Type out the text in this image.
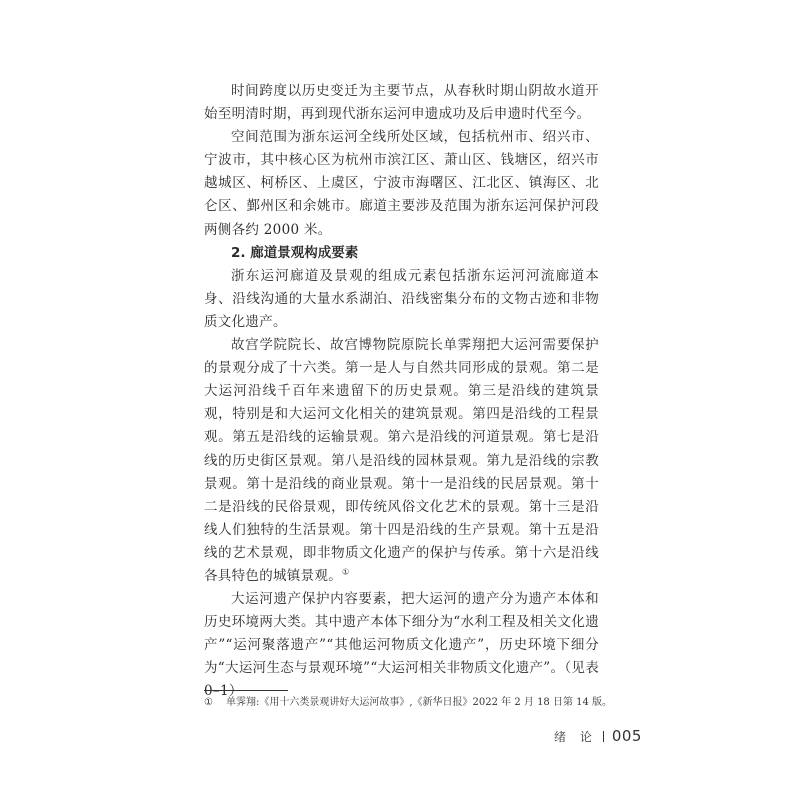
时间跨度以历史变迁为主要节点，从春秋时期山阴故水道开始至明清时期，再到现代浙东运河申遗成功及后申遗时代至今。

空间范围为浙东运河全线所处区域，包括杭州市、绍兴市、宁波市，其中核心区为杭州市滨江区、萧山区、钱塘区，绍兴市越城区、柯桥区、上虞区，宁波市海曙区、江北区、镇海区、北仑区、鄞州区和余姚市。廊道主要涉及范围为浙东运河保护河段两侧各约 2000 米。

2. 廊道景观构成要素

浙东运河廊道及景观的组成元素包括浙东运河河流廊道本身、沿线沟通的大量水系湖泊、沿线密集分布的文物古迹和非物质文化遗产。

故宫学院院长、故宫博物院原院长单霁翔把大运河需要保护的景观分成了十六类。第一是人与自然共同形成的景观。第二是大运河沿线千百年来遗留下的历史景观。第三是沿线的建筑景观，特别是和大运河文化相关的建筑景观。第四是沿线的工程景观。第五是沿线的运输景观。第六是沿线的河道景观。第七是沿线的历史街区景观。第八是沿线的园林景观。第九是沿线的宗教景观。第十是沿线的商业景观。第十一是沿线的民居景观。第十二是沿线的民俗景观，即传统风俗文化艺术的景观。第十三是沿线人们独特的生活景观。第十四是沿线的生产景观。第十五是沿线的艺术景观，即非物质文化遗产的保护与传承。第十六是沿线各具特色的城镇景观。①

大运河遗产保护内容要素，把大运河的遗产分为遗产本体和历史环境两大类。其中遗产本体下细分为“水利工程及相关文化遗产”“运河聚落遗产”“其他运河物质文化遗产”，历史环境下细分为“大运河生态与景观环境”“大运河相关非物质文化遗产”。（见表 0–1）

① 单霁翔:《用十六类景观讲好大运河故事》,《新华日报》2022 年 2 月 18 日第 14 版。
绪 论 005
